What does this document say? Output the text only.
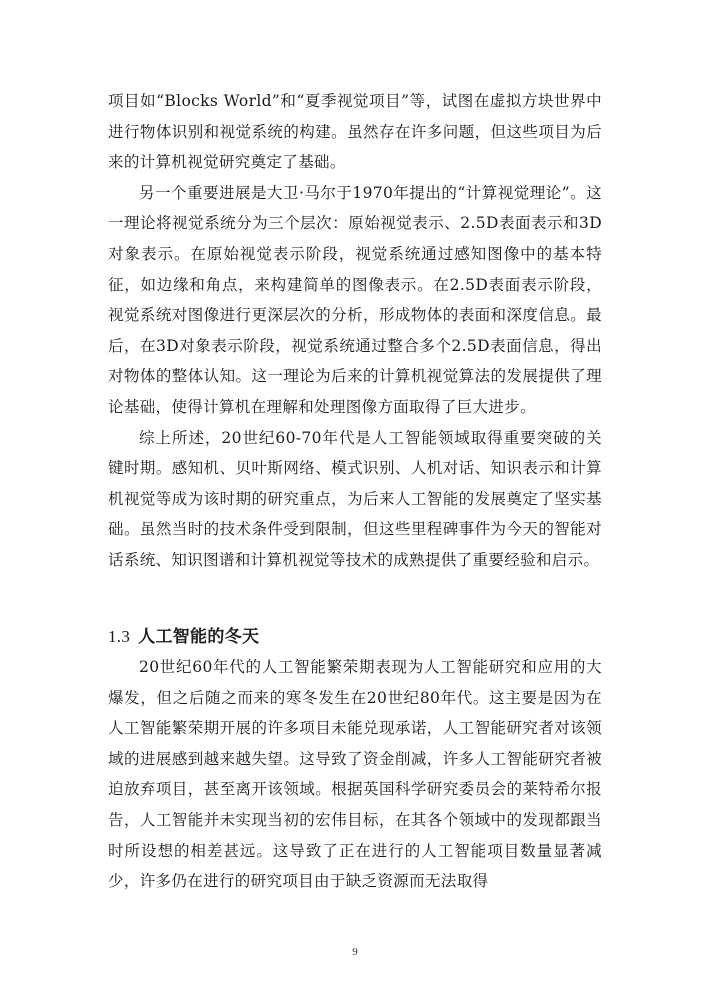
项目如“Blocks World”和“夏季视觉项目”等，试图在虚拟方块世界中进行物体识别和视觉系统的构建。虽然存在许多问题，但这些项目为后来的计算机视觉研究奠定了基础。

另一个重要进展是大卫·马尔于1970年提出的“计算视觉理论”。这一理论将视觉系统分为三个层次：原始视觉表示、2.5D表面表示和3D对象表示。在原始视觉表示阶段，视觉系统通过感知图像中的基本特征，如边缘和角点，来构建简单的图像表示。在2.5D表面表示阶段，视觉系统对图像进行更深层次的分析，形成物体的表面和深度信息。最后，在3D对象表示阶段，视觉系统通过整合多个2.5D表面信息，得出对物体的整体认知。这一理论为后来的计算机视觉算法的发展提供了理论基础，使得计算机在理解和处理图像方面取得了巨大进步。

综上所述，20世纪60-70年代是人工智能领域取得重要突破的关键时期。感知机、贝叶斯网络、模式识别、人机对话、知识表示和计算机视觉等成为该时期的研究重点，为后来人工智能的发展奠定了坚实基础。虽然当时的技术条件受到限制，但这些里程碑事件为今天的智能对话系统、知识图谱和计算机视觉等技术的成熟提供了重要经验和启示。

1.3 人工智能的冬天

20世纪60年代的人工智能繁荣期表现为人工智能研究和应用的大爆发，但之后随之而来的寒冬发生在20世纪80年代。这主要是因为在人工智能繁荣期开展的许多项目未能兑现承诺，人工智能研究者对该领域的进展感到越来越失望。这导致了资金削减，许多人工智能研究者被迫放弃项目，甚至离开该领域。根据英国科学研究委员会的莱特希尔报告，人工智能并未实现当初的宏伟目标，在其各个领域中的发现都跟当时所设想的相差甚远。这导致了正在进行的人工智能项目数量显著减少，许多仍在进行的研究项目由于缺乏资源而无法取得

9
